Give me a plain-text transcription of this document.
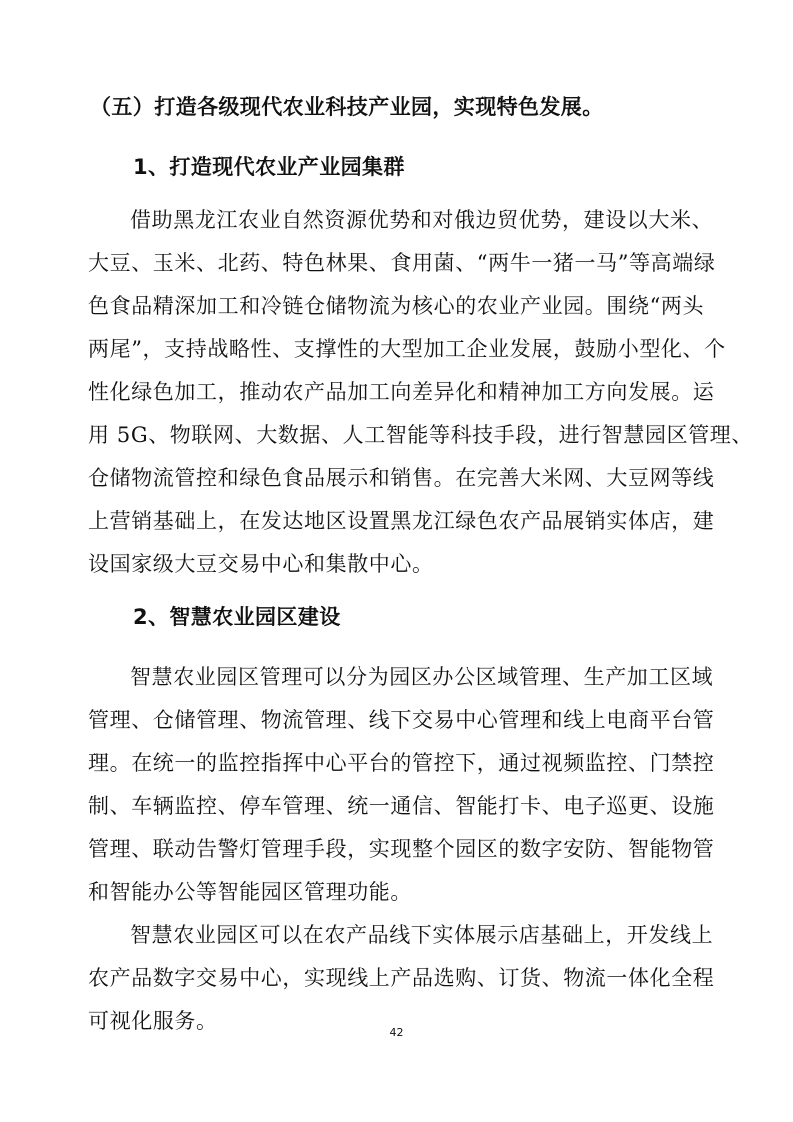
（五）打造各级现代农业科技产业园，实现特色发展。
1、打造现代农业产业园集群
借助黑龙江农业自然资源优势和对俄边贸优势，建设以大米、
大豆、玉米、北药、特色林果、食用菌、“两牛一猪一马”等高端绿
色食品精深加工和冷链仓储物流为核心的农业产业园。围绕“两头
两尾”，支持战略性、支撑性的大型加工企业发展，鼓励小型化、个
性化绿色加工，推动农产品加工向差异化和精神加工方向发展。运
用 5G、物联网、大数据、人工智能等科技手段，进行智慧园区管理、
仓储物流管控和绿色食品展示和销售。在完善大米网、大豆网等线
上营销基础上，在发达地区设置黑龙江绿色农产品展销实体店，建
设国家级大豆交易中心和集散中心。
2、智慧农业园区建设
智慧农业园区管理可以分为园区办公区域管理、生产加工区域
管理、仓储管理、物流管理、线下交易中心管理和线上电商平台管
理。在统一的监控指挥中心平台的管控下，通过视频监控、门禁控
制、车辆监控、停车管理、统一通信、智能打卡、电子巡更、设施
管理、联动告警灯管理手段，实现整个园区的数字安防、智能物管
和智能办公等智能园区管理功能。
智慧农业园区可以在农产品线下实体展示店基础上，开发线上
农产品数字交易中心，实现线上产品选购、订货、物流一体化全程
可视化服务。	42
